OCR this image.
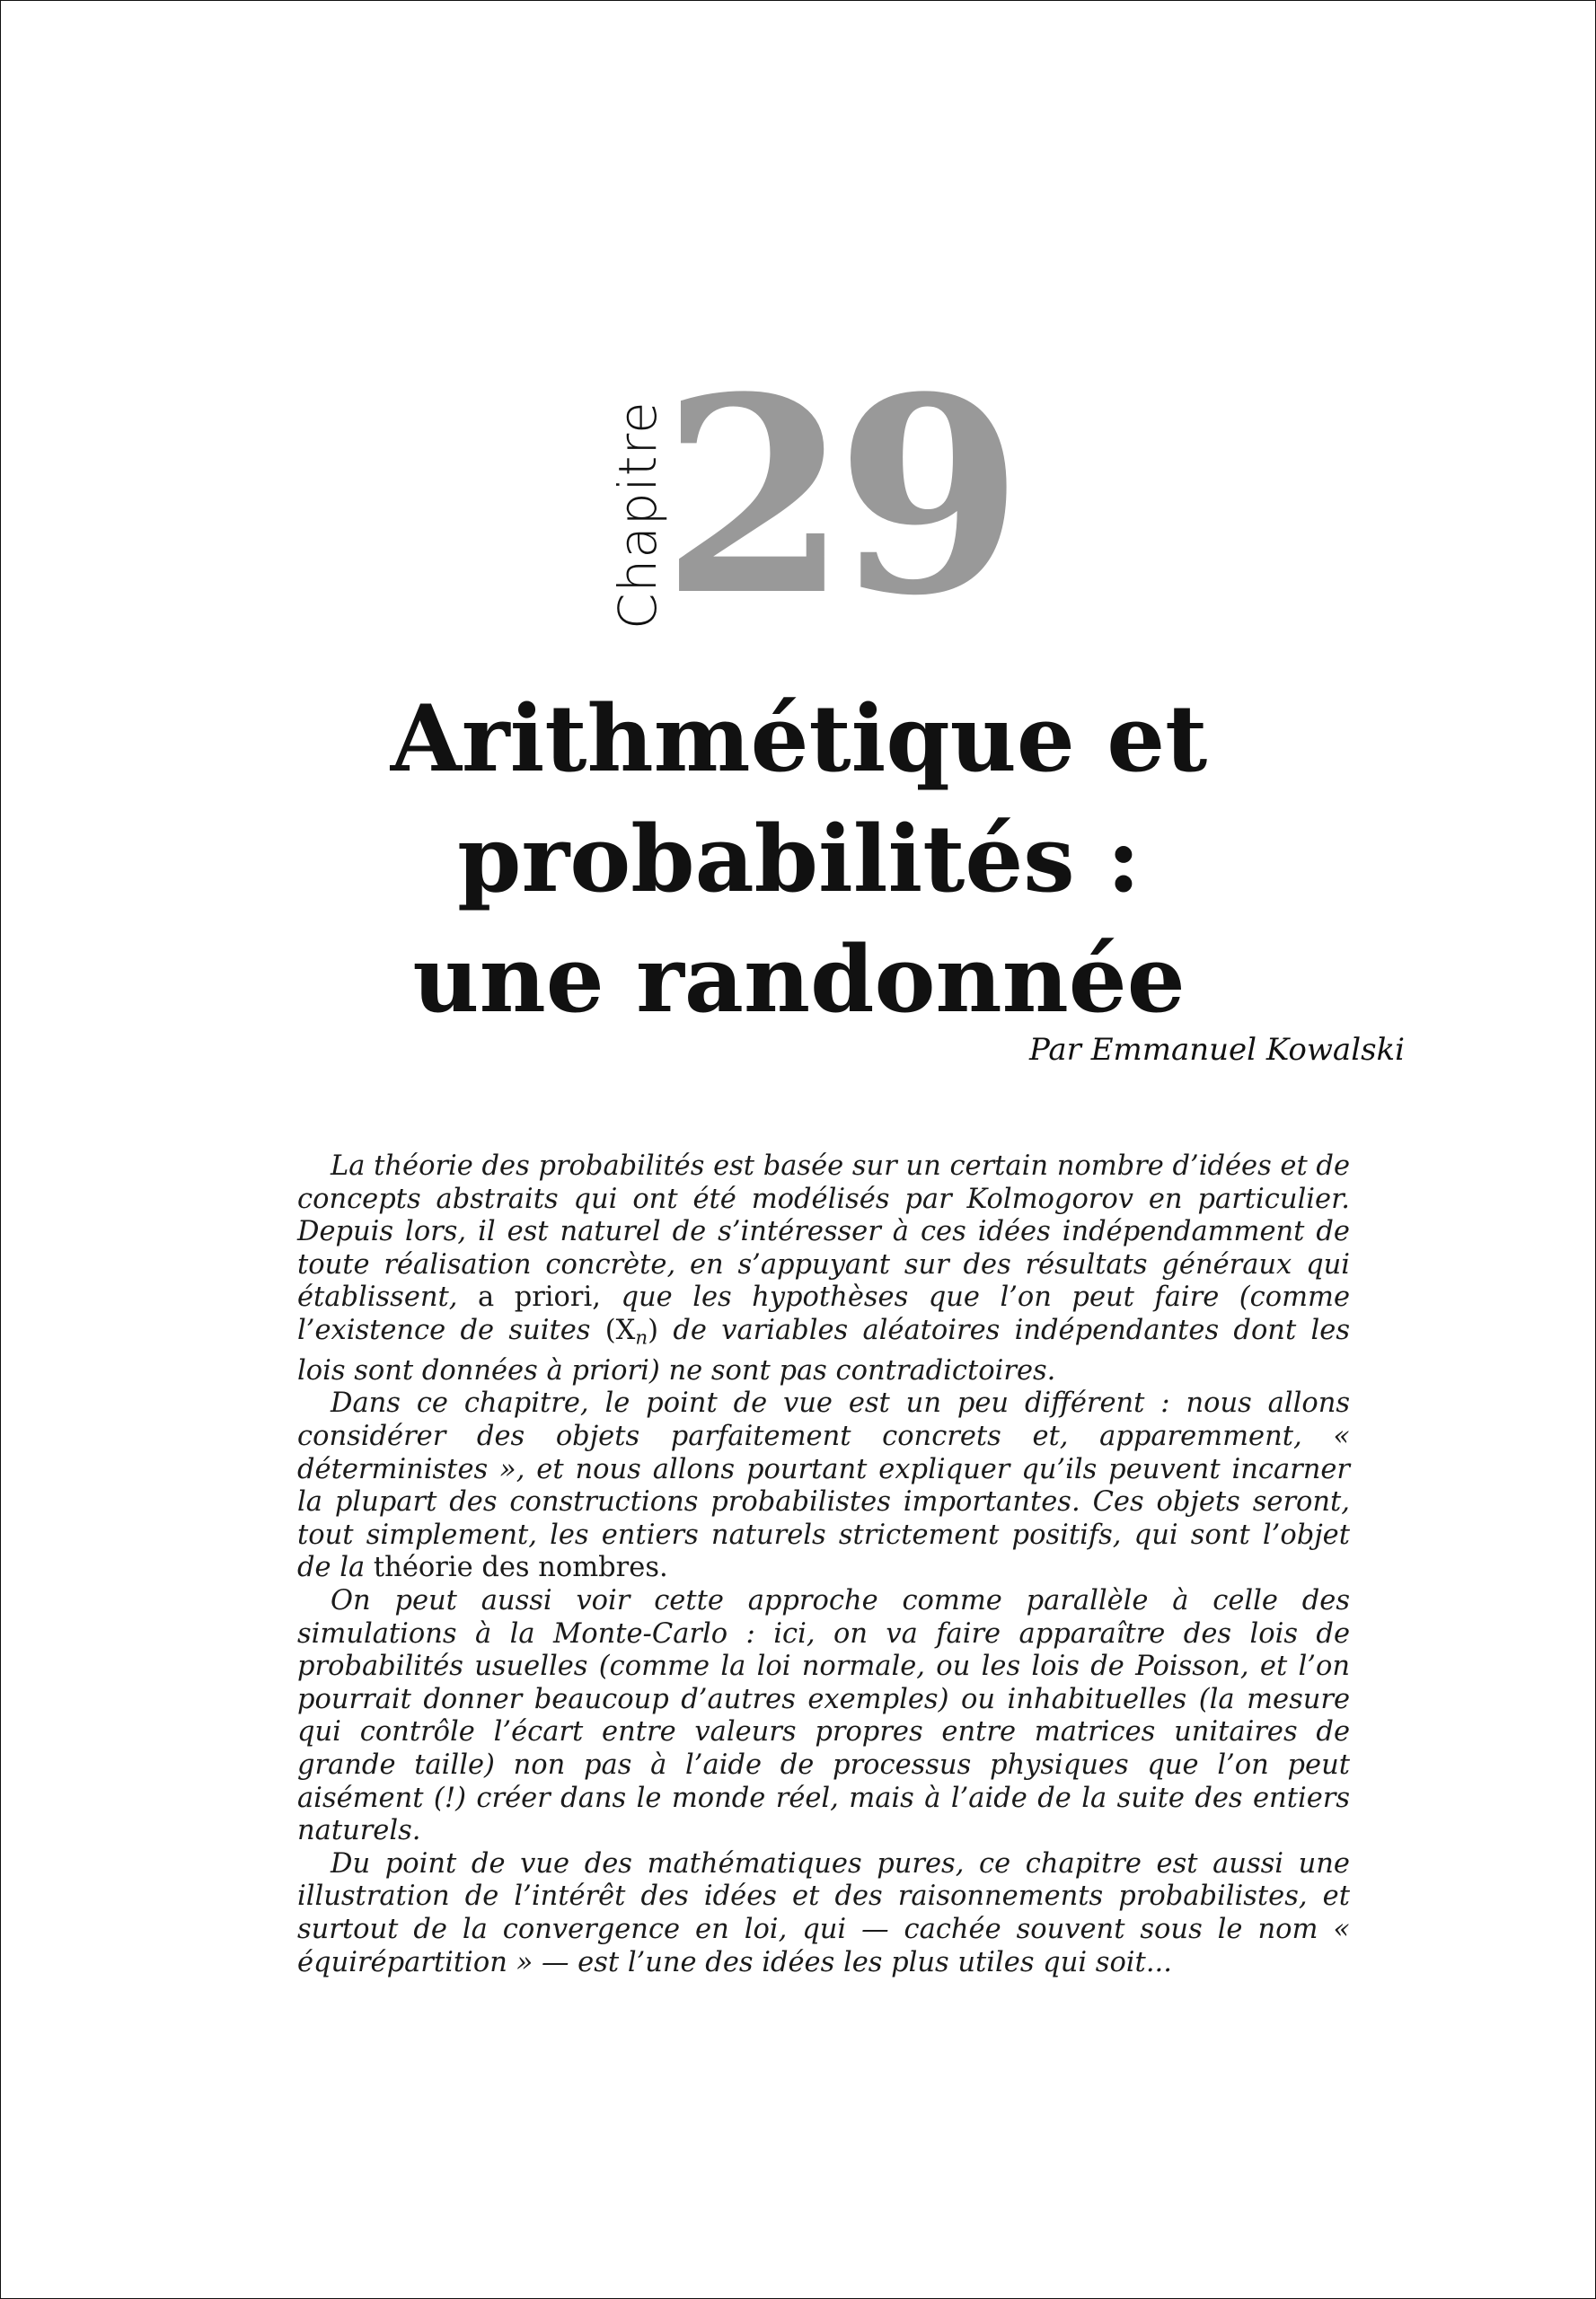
Chapitre
29
Arithmétique et probabilités :
une randonnée
Par Emmanuel Kowalski

La théorie des probabilités est basée sur un certain nombre d’idées et de concepts abstraits qui ont été modélisés par Kolmogorov en particulier. Depuis lors, il est naturel de s’intéresser à ces idées indépendamment de toute réalisation concrète, en s’appuyant sur des résultats généraux qui établissent, a priori, que les hypothèses que l’on peut faire (comme l’existence de suites $(X_n)$ de variables aléatoires indépendantes dont les lois sont données à priori) ne sont pas contradictoires.

Dans ce chapitre, le point de vue est un peu différent : nous allons considérer des objets parfaitement concrets et, apparemment, « déterministes », et nous allons pourtant expliquer qu’ils peuvent incarner la plupart des constructions probabilistes importantes. Ces objets seront, tout simplement, les entiers naturels strictement positifs, qui sont l’objet de la théorie des nombres.

On peut aussi voir cette approche comme parallèle à celle des simulations à la Monte-Carlo : ici, on va faire apparaître des lois de probabilités usuelles (comme la loi normale, ou les lois de Poisson, et l’on pourrait donner beaucoup d’autres exemples) ou inhabituelles (la mesure qui contrôle l’écart entre valeurs propres entre matrices unitaires de grande taille) non pas à l’aide de processus physiques que l’on peut aisément (!) créer dans le monde réel, mais à l’aide de la suite des entiers naturels.

Du point de vue des mathématiques pures, ce chapitre est aussi une illustration de l’intérêt des idées et des raisonnements probabilistes, et surtout de la convergence en loi, qui — cachée souvent sous le nom « équirépartition » — est l’une des idées les plus utiles qui soit...
